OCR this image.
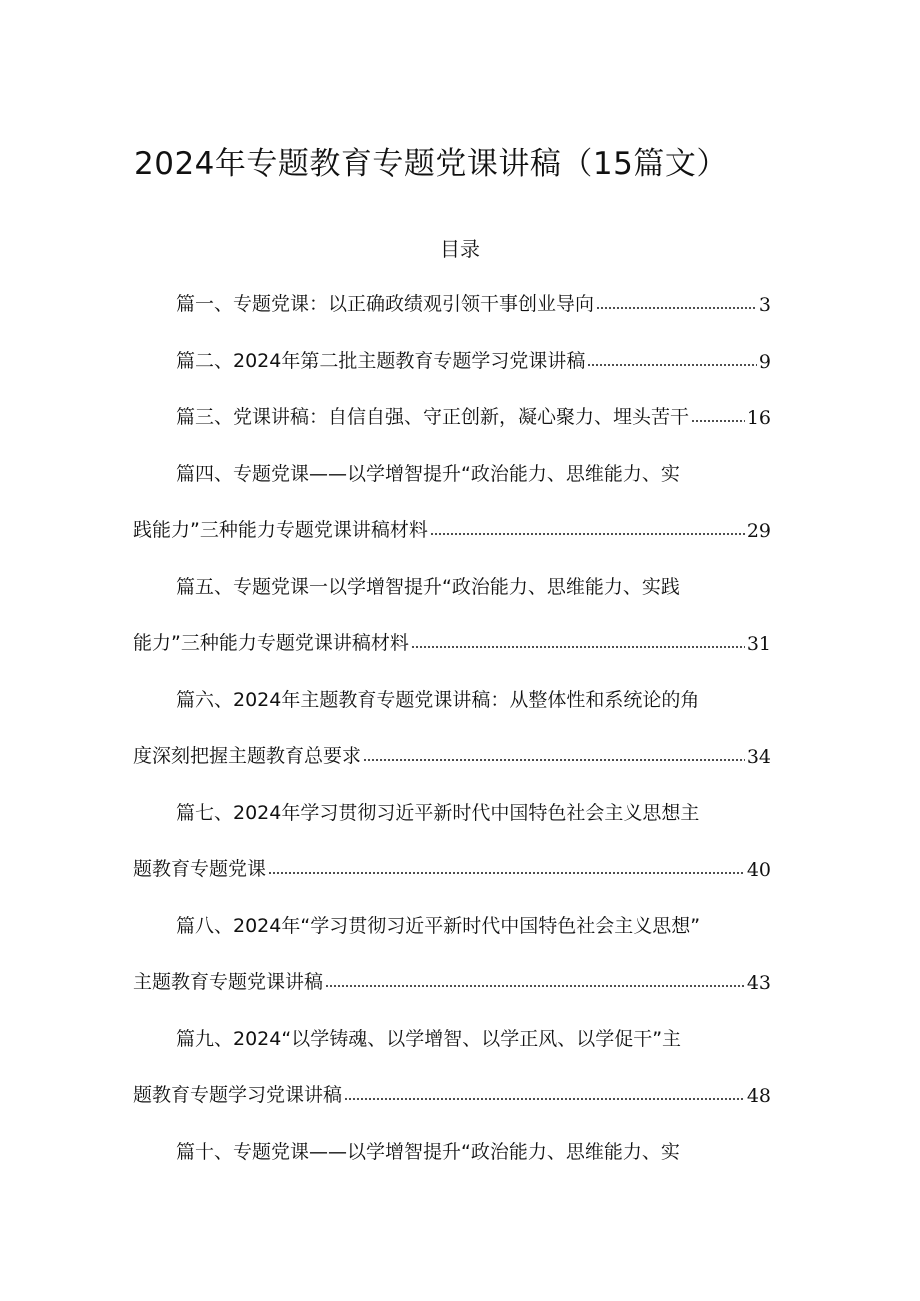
2024年专题教育专题党课讲稿（15篇文）
目录
篇一、专题党课：以正确政绩观引领干事创业导向	3
篇二、2024年第二批主题教育专题学习党课讲稿	9
篇三、党课讲稿：自信自强、守正创新，凝心聚力、埋头苦干	16
篇四、专题党课——以学增智提升“政治能力、思维能力、实
践能力”三种能力专题党课讲稿材料	29
篇五、专题党课一以学增智提升“政治能力、思维能力、实践
能力”三种能力专题党课讲稿材料	31
篇六、2024年主题教育专题党课讲稿：从整体性和系统论的角
度深刻把握主题教育总要求	34
篇七、2024年学习贯彻习近平新时代中国特色社会主义思想主
题教育专题党课	40
篇八、2024年“学习贯彻习近平新时代中国特色社会主义思想”
主题教育专题党课讲稿	43
篇九、2024“以学铸魂、以学增智、以学正风、以学促干”主
题教育专题学习党课讲稿	48
篇十、专题党课——以学增智提升“政治能力、思维能力、实
